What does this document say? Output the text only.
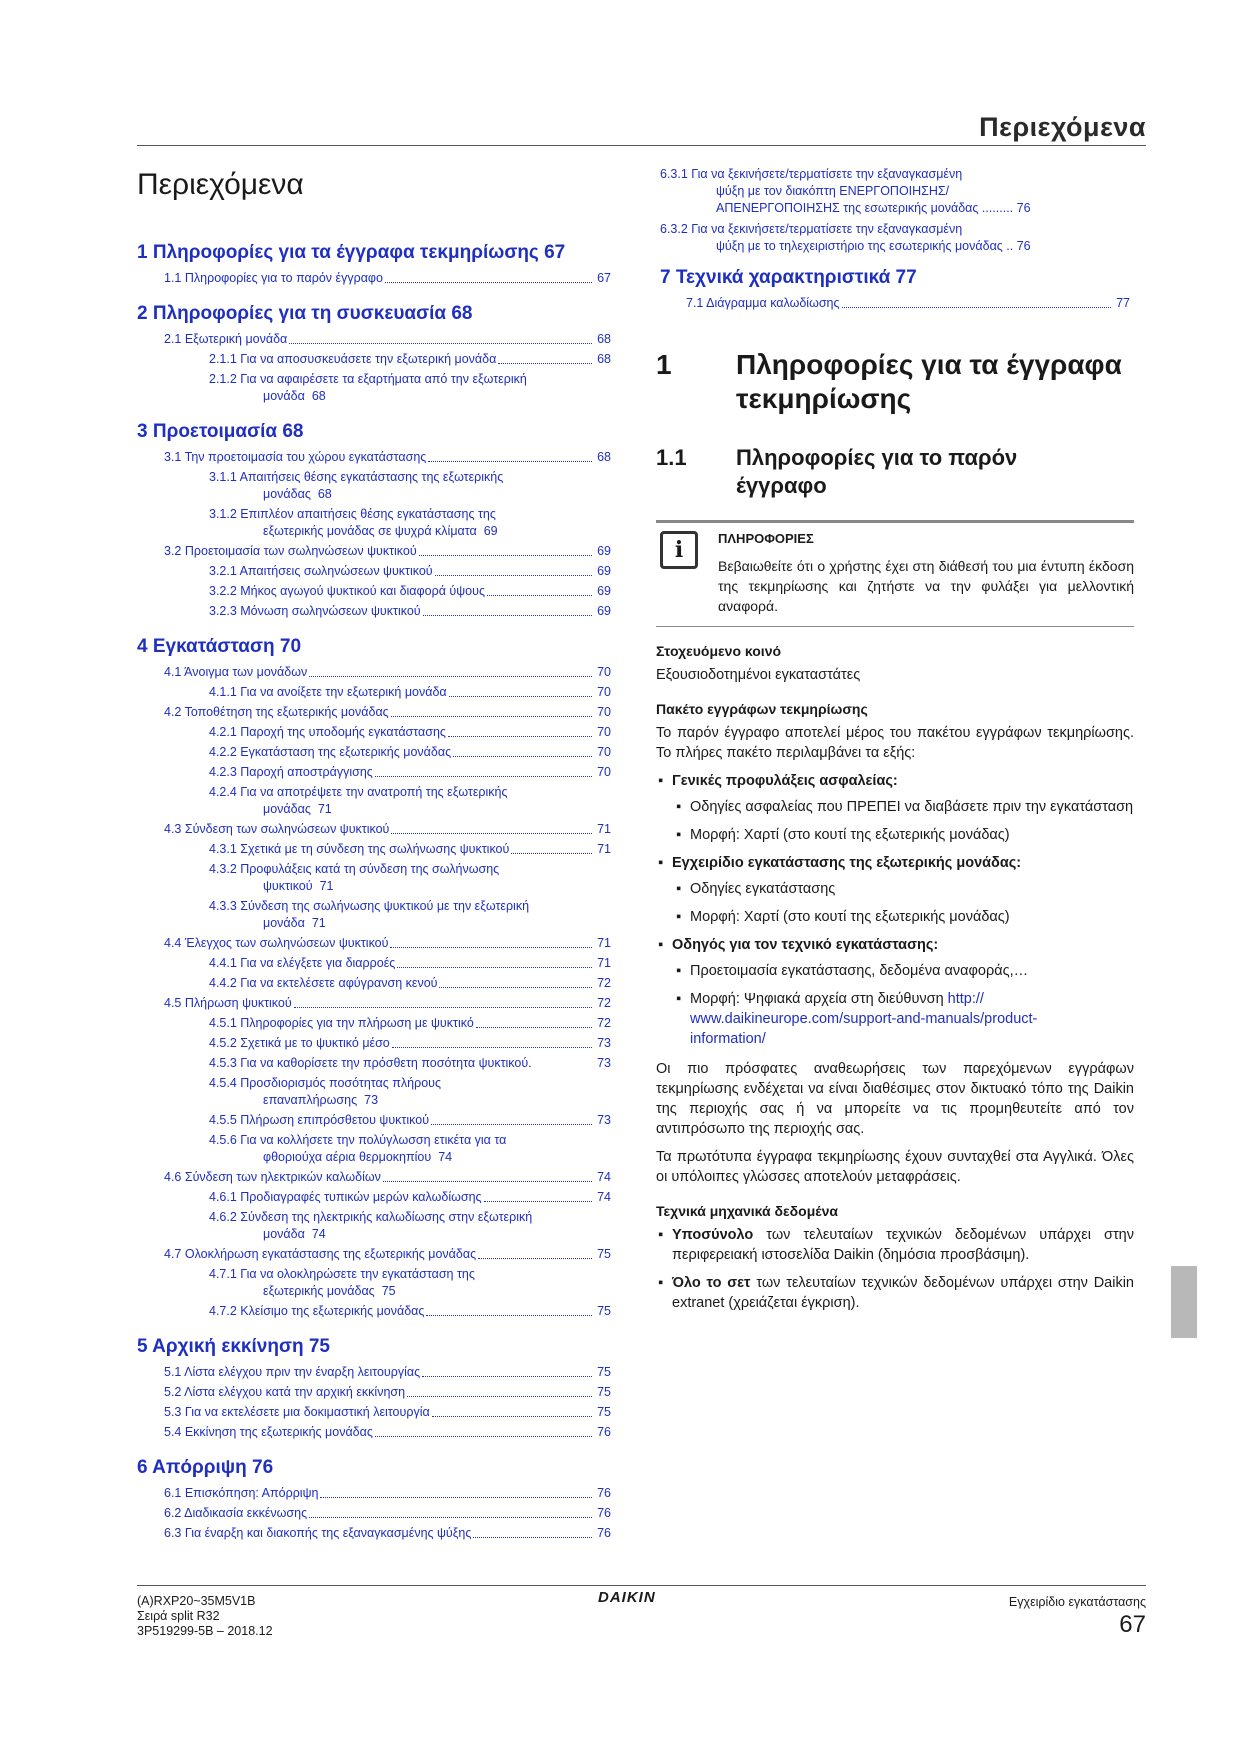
Περιεχόμενα
Περιεχόμενα
1 Πληροφορίες για τα έγγραφα τεκμηρίωσης 67
1.1 Πληροφορίες για το παρόν έγγραφο	67
2 Πληροφορίες για τη συσκευασία 68
2.1 Εξωτερική μονάδα	68
2.1.1 Για να αποσυσκευάσετε την εξωτερική μονάδα	68
2.1.2 Για να αφαιρέσετε τα εξαρτήματα από την εξωτερική
μονάδα 68
3 Προετοιμασία 68
3.1 Την προετοιμασία του χώρου εγκατάστασης	68
3.1.1 Απαιτήσεις θέσης εγκατάστασης της εξωτερικής
μονάδας 68
3.1.2 Επιπλέον απαιτήσεις θέσης εγκατάστασης της
εξωτερικής μονάδας σε ψυχρά κλίματα 69
3.2 Προετοιμασία των σωληνώσεων ψυκτικού	69
3.2.1 Απαιτήσεις σωληνώσεων ψυκτικού	69
3.2.2 Μήκος αγωγού ψυκτικού και διαφορά ύψους	69
3.2.3 Μόνωση σωληνώσεων ψυκτικού	69
4 Εγκατάσταση 70
4.1 Άνοιγμα των μονάδων	70
4.1.1 Για να ανοίξετε την εξωτερική μονάδα	70
4.2 Τοποθέτηση της εξωτερικής μονάδας	70
4.2.1 Παροχή της υποδομής εγκατάστασης	70
4.2.2 Εγκατάσταση της εξωτερικής μονάδας	70
4.2.3 Παροχή αποστράγγισης	70
4.2.4 Για να αποτρέψετε την ανατροπή της εξωτερικής
μονάδας 71
4.3 Σύνδεση των σωληνώσεων ψυκτικού	71
4.3.1 Σχετικά με τη σύνδεση της σωλήνωσης ψυκτικού	71
4.3.2 Προφυλάξεις κατά τη σύνδεση της σωλήνωσης
ψυκτικού 71
4.3.3 Σύνδεση της σωλήνωσης ψυκτικού με την εξωτερική
μονάδα 71
4.4 Έλεγχος των σωληνώσεων ψυκτικού	71
4.4.1 Για να ελέγξετε για διαρροές	71
4.4.2 Για να εκτελέσετε αφύγρανση κενού	72
4.5 Πλήρωση ψυκτικού	72
4.5.1 Πληροφορίες για την πλήρωση με ψυκτικό	72
4.5.2 Σχετικά με το ψυκτικό μέσο	73
4.5.3 Για να καθορίσετε την πρόσθετη ποσότητα ψυκτικού.	73
4.5.4 Προσδιορισμός ποσότητας πλήρους
επαναπλήρωσης 73
4.5.5 Πλήρωση επιπρόσθετου ψυκτικού	73
4.5.6 Για να κολλήσετε την πολύγλωσση ετικέτα για τα
φθοριούχα αέρια θερμοκηπίου 74
4.6 Σύνδεση των ηλεκτρικών καλωδίων	74
4.6.1 Προδιαγραφές τυπικών μερών καλωδίωσης	74
4.6.2 Σύνδεση της ηλεκτρικής καλωδίωσης στην εξωτερική
μονάδα 74
4.7 Ολοκλήρωση εγκατάστασης της εξωτερικής μονάδας	75
4.7.1 Για να ολοκληρώσετε την εγκατάσταση της
εξωτερικής μονάδας 75
4.7.2 Κλείσιμο της εξωτερικής μονάδας	75
5 Αρχική εκκίνηση 75
5.1 Λίστα ελέγχου πριν την έναρξη λειτουργίας	75
5.2 Λίστα ελέγχου κατά την αρχική εκκίνηση	75
5.3 Για να εκτελέσετε μια δοκιμαστική λειτουργία	75
5.4 Εκκίνηση της εξωτερικής μονάδας	76
6 Απόρριψη 76
6.1 Επισκόπηση: Απόρριψη	76
6.2 Διαδικασία εκκένωσης	76
6.3 Για έναρξη και διακοπής της εξαναγκασμένης ψύξης	76
6.3.1 Για να ξεκινήσετε/τερματίσετε την εξαναγκασμένη
ψύξη με τον διακόπτη ΕΝΕΡΓΟΠΟΙΗΣΗΣ/
ΑΠΕΝΕΡΓΟΠΟΙΗΣΗΣ της εσωτερικής μονάδας ......... 76
6.3.2 Για να ξεκινήσετε/τερματίσετε την εξαναγκασμένη
ψύξη με το τηλεχειριστήριο της εσωτερικής μονάδας .. 76
7 Τεχνικά χαρακτηριστικά 77
7.1 Διάγραμμα καλωδίωσης	77
1	Πληροφορίες για τα έγγραφα
τεκμηρίωσης
1.1	Πληροφορίες για το παρόν
έγγραφο
i	ΠΛΗΡΟΦΟΡΙΕΣ
Βεβαιωθείτε ότι ο χρήστης έχει στη διάθεσή του μια έντυπη έκδοση της τεκμηρίωσης και ζητήστε να την φυλάξει για μελλοντική αναφορά.
Στοχευόμενο κοινό
Εξουσιοδοτημένοι εγκαταστάτες
Πακέτο εγγράφων τεκμηρίωσης
Το παρόν έγγραφο αποτελεί μέρος του πακέτου εγγράφων τεκμηρίωσης. Το πλήρες πακέτο περιλαμβάνει τα εξής:
▪ Γενικές προφυλάξεις ασφαλείας:
▪ Οδηγίες ασφαλείας που ΠΡΕΠΕΙ να διαβάσετε πριν την εγκατάσταση
▪ Μορφή: Χαρτί (στο κουτί της εξωτερικής μονάδας)
▪ Εγχειρίδιο εγκατάστασης της εξωτερικής μονάδας:
▪ Οδηγίες εγκατάστασης
▪ Μορφή: Χαρτί (στο κουτί της εξωτερικής μονάδας)
▪ Οδηγός για τον τεχνικό εγκατάστασης:
▪ Προετοιμασία εγκατάστασης, δεδομένα αναφοράς,…
▪ Μορφή: Ψηφιακά αρχεία στη διεύθυνση http://
www.daikineurope.com/support-and-manuals/product-
information/
Οι πιο πρόσφατες αναθεωρήσεις των παρεχόμενων εγγράφων τεκμηρίωσης ενδέχεται να είναι διαθέσιμες στον δικτυακό τόπο της Daikin της περιοχής σας ή να μπορείτε να τις προμηθευτείτε από τον αντιπρόσωπο της περιοχής σας.
Τα πρωτότυπα έγγραφα τεκμηρίωσης έχουν συνταχθεί στα Αγγλικά. Όλες οι υπόλοιπες γλώσσες αποτελούν μεταφράσεις.
Τεχνικά μηχανικά δεδομένα
▪ Υποσύνολο των τελευταίων τεχνικών δεδομένων υπάρχει στην περιφερειακή ιστοσελίδα Daikin (δημόσια προσβάσιμη).
▪ Όλο το σετ των τελευταίων τεχνικών δεδομένων υπάρχει στην Daikin extranet (χρειάζεται έγκριση).
(A)RXP20~35M5V1B
Σειρά split R32
3P519299-5B – 2018.12
DAIKIN	Εγχειρίδιο εγκατάστασης
67
